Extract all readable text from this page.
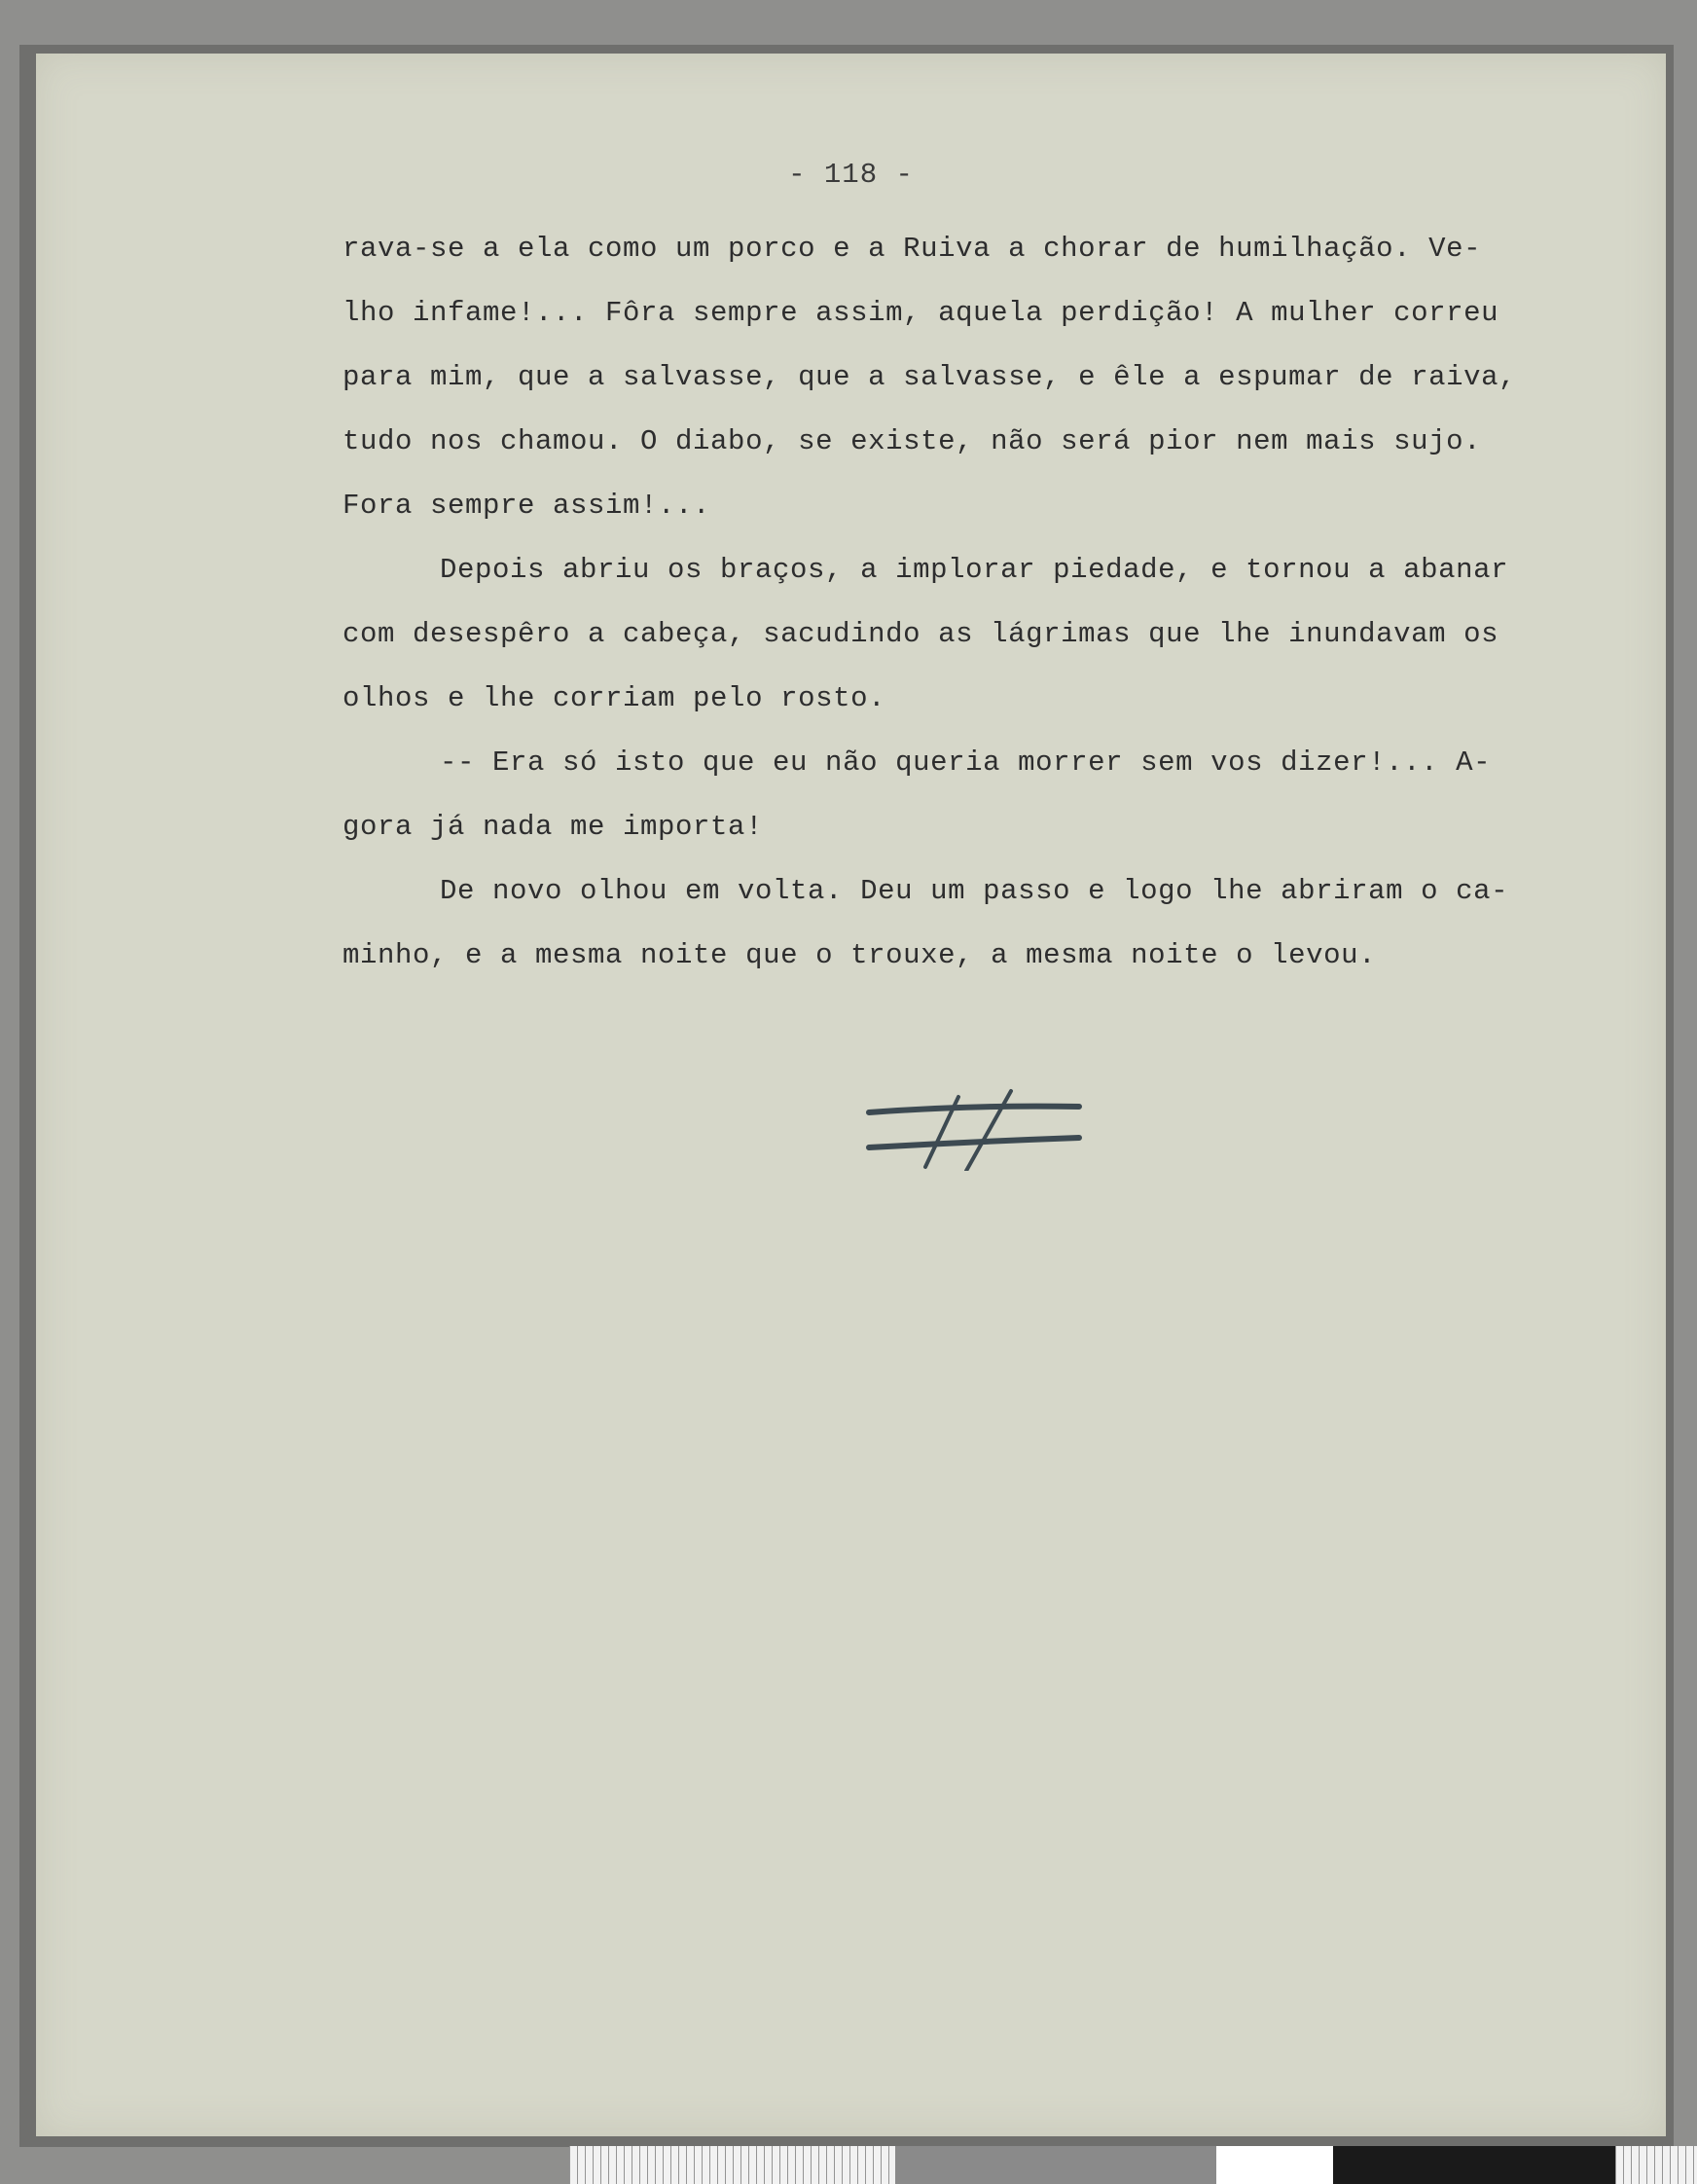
- 118 -
rava-se a ela como um porco e a Ruiva a chorar de humilhação. Ve-
lho infame!... Fôra sempre assim, aquela perdição! A mulher correu
para mim, que a salvasse, que a salvasse, e êle a espumar de raiva,
tudo nos chamou. O diabo, se existe, não será pior nem mais sujo.
Fora sempre assim!...
Depois abriu os braços, a implorar piedade, e tornou a abanar
com desespêro a cabeça, sacudindo as lágrimas que lhe inundavam os
olhos e lhe corriam pelo rosto.
-- Era só isto que eu não queria morrer sem vos dizer!... A-
gora já nada me importa!
De novo olhou em volta. Deu um passo e logo lhe abriram o ca-
minho, e a mesma noite que o trouxe, a mesma noite o levou.
